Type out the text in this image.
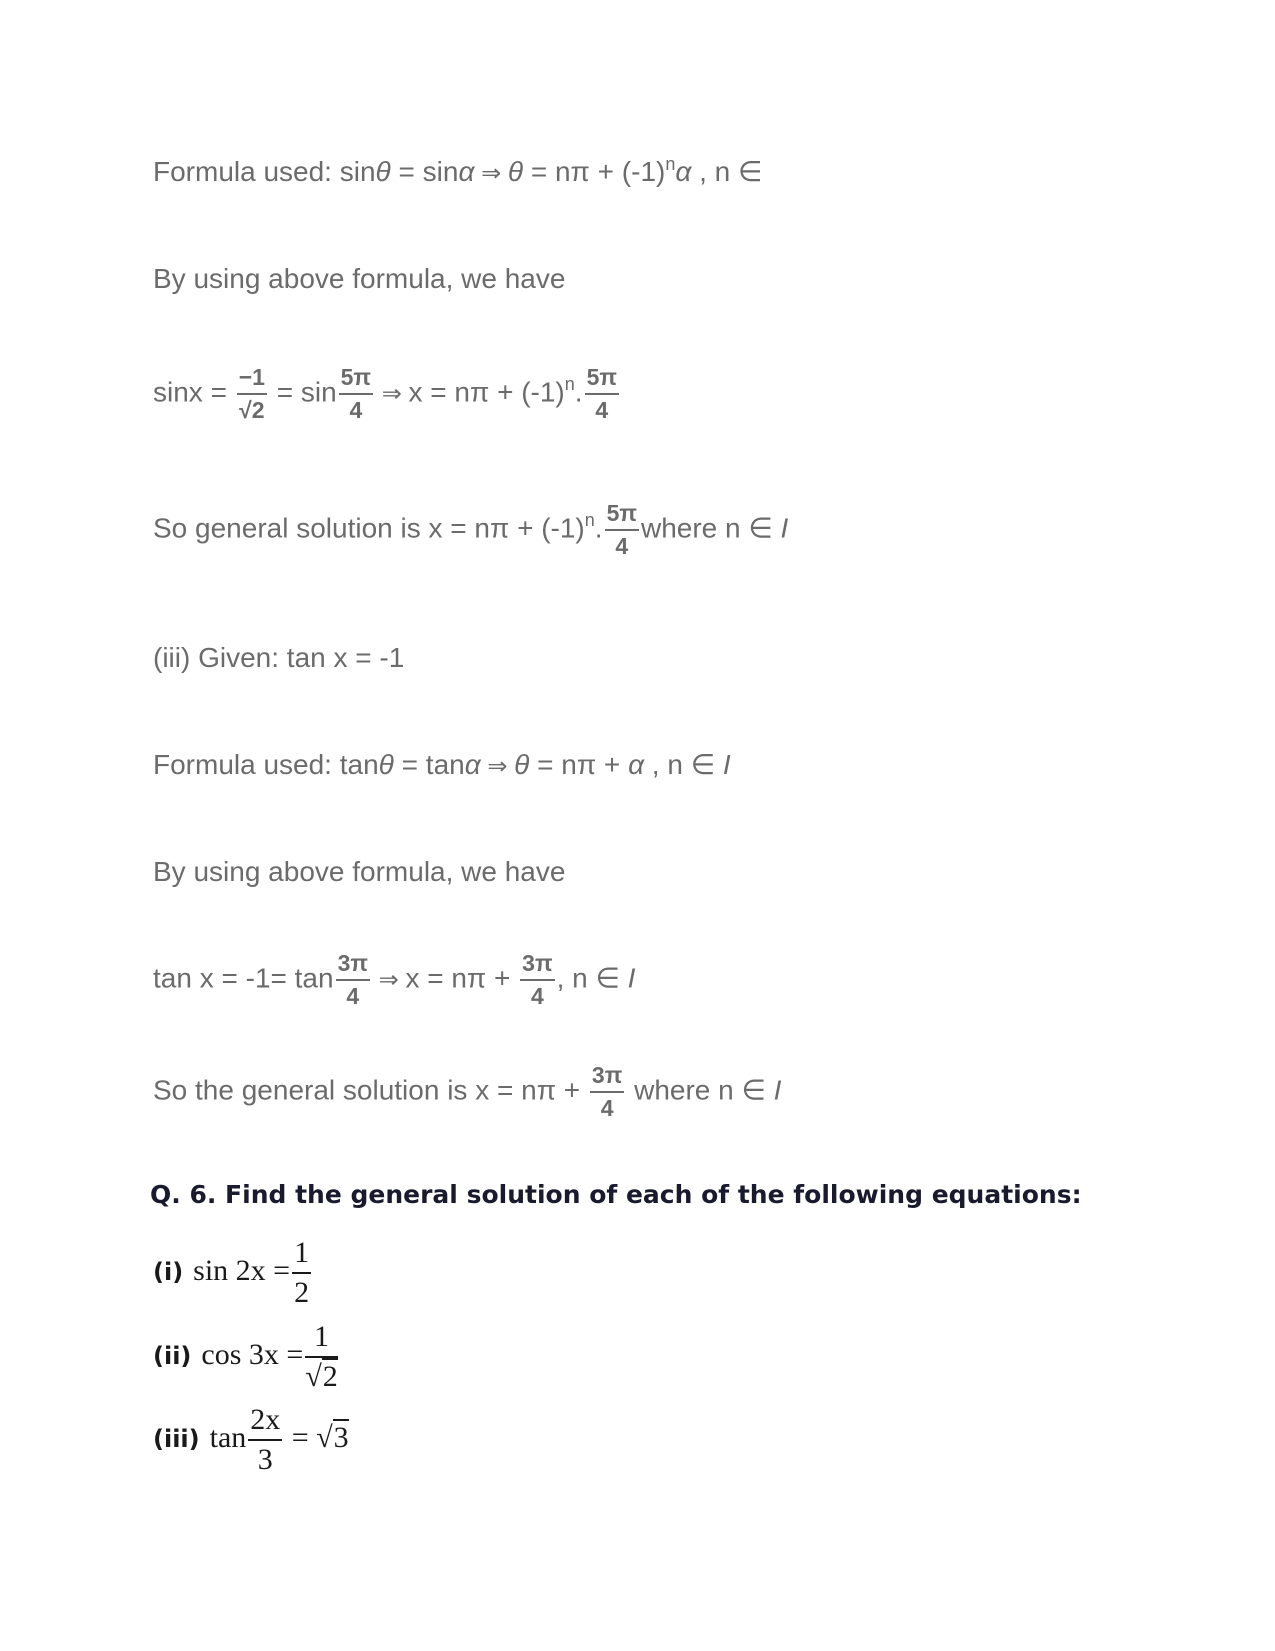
Formula used: sinθ = sinα ⇒ $\theta = n\pi + (-1)^n\alpha$ , n ∈
By using above formula, we have
$\sin x = \frac{-1}{√2} = \sin \frac{5\pi}{4}$ ⇒ $x = n\pi + (-1)^n$. $\frac{5\pi}{4}$
So general solution is $x = n\pi + (-1)^n$. $\frac{5\pi}{4}$ where n ∈ I
(iii) Given: tan x = -1
Formula used: tanθ = tanα ⇒ θ = nπ + α , n ∈ I
By using above formula, we have
$\tan x = -1= \tan \frac{3\pi}{4}$ ⇒ $x = n\pi + \frac{3\pi}{4}$ , n ∈ I
So the general solution is $x = n\pi + \frac{3\pi}{4}$ where n ∈ I
Q. 6. Find the general solution of each of the following equations:
(i) $\sin 2x = \frac{1}{2}$
(ii) $\cos 3x = \frac{1}{√2}$
(iii) $\tan \frac{2x}{3} = √3$
